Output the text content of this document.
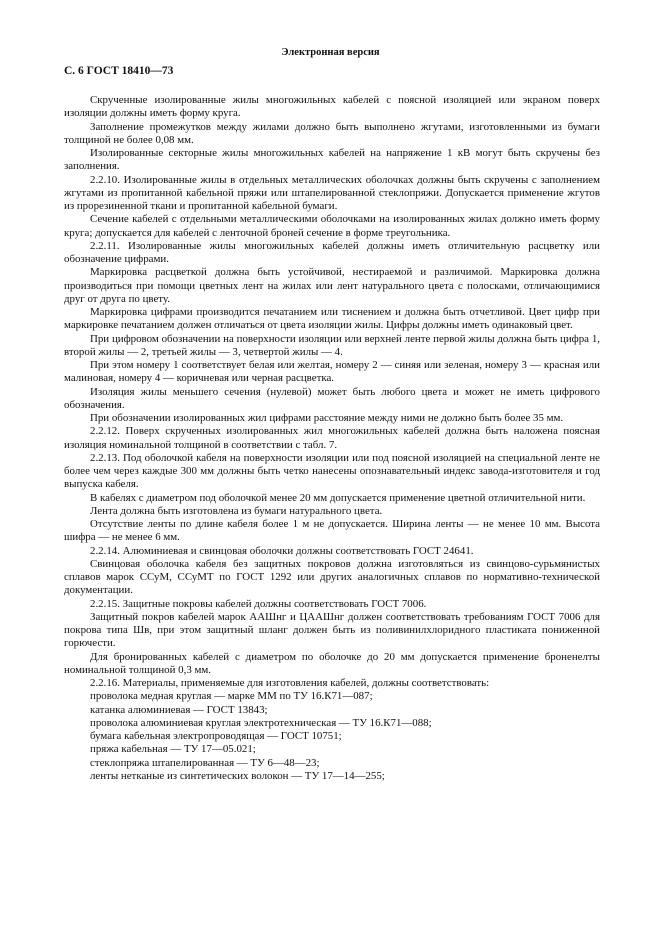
Электронная версия
С. 6 ГОСТ 18410—73

Скрученные изолированные жилы многожильных кабелей с поясной изоляцией или экраном поверх изоляции должны иметь форму круга.

Заполнение промежутков между жилами должно быть выполнено жгутами, изготовленными из бумаги толщиной не более 0,08 мм.

Изолированные секторные жилы многожильных кабелей на напряжение 1 кВ могут быть скручены без заполнения.

2.2.10. Изолированные жилы в отдельных металлических оболочках должны быть скручены с заполнением жгутами из пропитанной кабельной пряжи или штапелированной стеклопряжи. Допускается применение жгутов из прорезиненной ткани и пропитанной кабельной бумаги.

Сечение кабелей с отдельными металлическими оболочками на изолированных жилах должно иметь форму круга; допускается для кабелей с ленточной броней сечение в форме треугольника.

2.2.11. Изолированные жилы многожильных кабелей должны иметь отличительную расцветку или обозначение цифрами.

Маркировка расцветкой должна быть устойчивой, нестираемой и различимой. Маркировка должна производиться при помощи цветных лент на жилах или лент натурального цвета с полосками, отличающимися друг от друга по цвету.

Маркировка цифрами производится печатанием или тиснением и должна быть отчетливой. Цвет цифр при маркировке печатанием должен отличаться от цвета изоляции жилы. Цифры должны иметь одинаковый цвет.

При цифровом обозначении на поверхности изоляции или верхней ленте первой жилы должна быть цифра 1, второй жилы — 2, третьей жилы — 3, четвертой жилы — 4.

При этом номеру 1 соответствует белая или желтая, номеру 2 — синяя или зеленая, номеру 3 — красная или малиновая, номеру 4 — коричневая или черная расцветка.

Изоляция жилы меньшего сечения (нулевой) может быть любого цвета и может не иметь цифрового обозначения.

При обозначении изолированных жил цифрами расстояние между ними не должно быть более 35 мм.

2.2.12. Поверх скрученных изолированных жил многожильных кабелей должна быть наложена поясная изоляция номинальной толщиной в соответствии с табл. 7.

2.2.13. Под оболочкой кабеля на поверхности изоляции или под поясной изоляцией на специальной ленте не более чем через каждые 300 мм должны быть четко нанесены опознавательный индекс завода-изготовителя и год выпуска кабеля.

В кабелях с диаметром под оболочкой менее 20 мм допускается применение цветной отличительной нити.

Лента должна быть изготовлена из бумаги натурального цвета.

Отсутствие ленты по длине кабеля более 1 м не допускается. Ширина ленты — не менее 10 мм. Высота шифра — не менее 6 мм.

2.2.14. Алюминиевая и свинцовая оболочки должны соответствовать ГОСТ 24641.

Свинцовая оболочка кабеля без защитных покровов должна изготовляться из свинцово-сурьмянистых сплавов марок ССуМ, ССуМТ по ГОСТ 1292 или других аналогичных сплавов по нормативно-технической документации.

2.2.15. Защитные покровы кабелей должны соответствовать ГОСТ 7006.

Защитный покров кабелей марок ААШнг и ЦААШнг должен соответствовать требованиям ГОСТ 7006 для покрова типа Шв, при этом защитный шланг должен быть из поливинилхлоридного пластиката пониженной горючести.

Для бронированных кабелей с диаметром по оболочке до 20 мм допускается применение броненелты номинальной толщиной 0,3 мм.

2.2.16. Материалы, применяемые для изготовления кабелей, должны соответствовать:

проволока медная круглая — марке ММ по ТУ 16.К71—087;

катанка алюминиевая — ГОСТ 13843;

проволока алюминиевая круглая электротехническая — ТУ 16.К71—088;

бумага кабельная электропроводящая — ГОСТ 10751;

пряжа кабельная — ТУ 17—05.021;

стеклопряжа штапелированная — ТУ 6—48—23;

ленты нетканые из синтетических волокон — ТУ 17—14—255;
